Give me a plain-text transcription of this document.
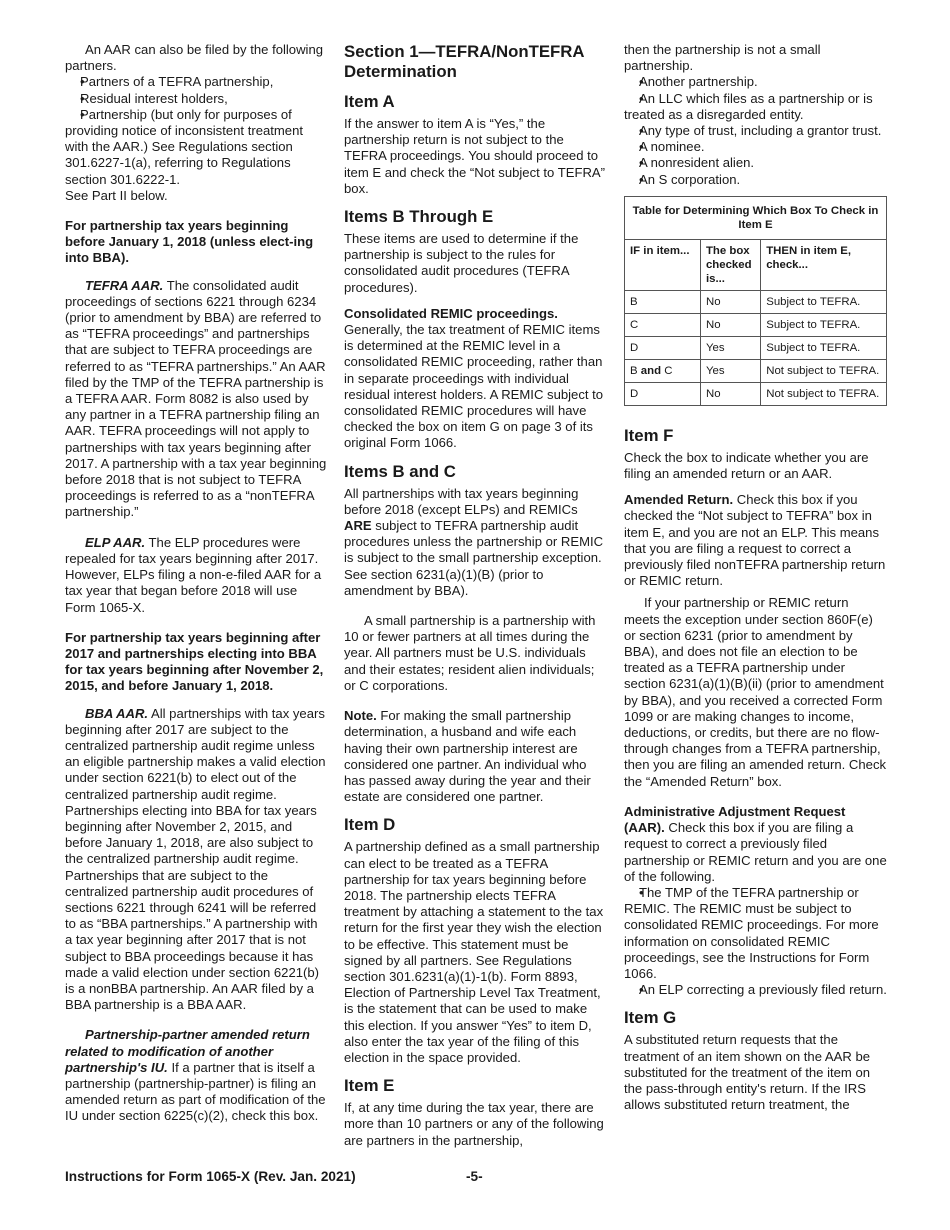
An AAR can also be filed by the following partners.

• Partners of a TEFRA partnership,
• Residual interest holders,
• Partnership (but only for purposes of providing notice of inconsistent treatment with the AAR.) See Regulations section 301.6227-1(a), referring to Regulations section 301.6222-1.

See Part II below.

For partnership tax years beginning before January 1, 2018 (unless elect-ing into BBA).

TEFRA AAR. The consolidated audit proceedings of sections 6221 through 6234 (prior to amendment by BBA) are referred to as “TEFRA proceedings” and partnerships that are subject to TEFRA proceedings are referred to as “TEFRA partnerships.” An AAR filed by the TMP of the TEFRA partnership is a TEFRA AAR. Form 8082 is also used by any partner in a TEFRA partnership filing an AAR. TEFRA proceedings will not apply to partnerships with tax years beginning after 2017. A partnership with a tax year beginning before 2018 that is not subject to TEFRA proceedings is referred to as a “nonTEFRA partnership.”

ELP AAR. The ELP procedures were repealed for tax years beginning after 2017. However, ELPs filing a non-e-filed AAR for a tax year that began before 2018 will use Form 1065-X.

For partnership tax years beginning after 2017 and partnerships electing into BBA for tax years beginning after November 2, 2015, and before January 1, 2018.

BBA AAR. All partnerships with tax years beginning after 2017 are subject to the centralized partnership audit regime unless an eligible partnership makes a valid election under section 6221(b) to elect out of the centralized partnership audit regime. Partnerships electing into BBA for tax years beginning after November 2, 2015, and before January 1, 2018, are also subject to the centralized partnership audit regime. Partnerships that are subject to the centralized partnership audit procedures of sections 6221 through 6241 will be referred to as “BBA partnerships.” A partnership with a tax year beginning after 2017 that is not subject to BBA proceedings because it has made a valid election under section 6221(b) is a nonBBA partnership. An AAR filed by a BBA partnership is a BBA AAR.

Partnership-partner amended return related to modification of another partnership's IU. If a partner that is itself a partnership (partnership-partner) is filing an amended return as part of modification of the IU under section 6225(c)(2), check this box.

Section 1—TEFRA/NonTEFRA Determination
Item A

If the answer to item A is “Yes,” the partnership return is not subject to the TEFRA proceedings. You should proceed to item E and check the “Not subject to TEFRA” box.

Items B Through E

These items are used to determine if the partnership is subject to the rules for consolidated audit procedures (TEFRA procedures).

Consolidated REMIC proceedings. Generally, the tax treatment of REMIC items is determined at the REMIC level in a consolidated REMIC proceeding, rather than in separate proceedings with individual residual interest holders. A REMIC subject to consolidated REMIC procedures will have checked the box on item G on page 3 of its original Form 1066.

Items B and C

All partnerships with tax years beginning before 2018 (except ELPs) and REMICs ARE subject to TEFRA partnership audit procedures unless the partnership or REMIC is subject to the small partnership exception. See section 6231(a)(1)(B) (prior to amendment by BBA).

A small partnership is a partnership with 10 or fewer partners at all times during the year. All partners must be U.S. individuals and their estates; resident alien individuals; or C corporations.

Note. For making the small partnership determination, a husband and wife each having their own partnership interest are considered one partner. An individual who has passed away during the year and their estate are considered one partner.

Item D

A partnership defined as a small partnership can elect to be treated as a TEFRA partnership for tax years beginning before 2018. The partnership elects TEFRA treatment by attaching a statement to the tax return for the first year they wish the election to be effective. This statement must be signed by all partners. See Regulations section 301.6231(a)(1)-1(b). Form 8893, Election of Partnership Level Tax Treatment, is the statement that can be used to make this election. If you answer “Yes” to item D, also enter the tax year of the filing of this election in the space provided.

Item E

If, at any time during the tax year, there are more than 10 partners or any of the following are partners in the partnership,

then the partnership is not a small partnership.

• Another partnership.
• An LLC which files as a partnership or is treated as a disregarded entity.
• Any type of trust, including a grantor trust.
• A nominee.
• A nonresident alien.
• An S corporation.
Table for Determining Which Box To Check in Item E		
IF in item...	The box checked is...	THEN in item E, check...
B	No	Subject to TEFRA.
C	No	Subject to TEFRA.
D	Yes	Subject to TEFRA.
B and C	Yes	Not subject to TEFRA.
D	No	Not subject to TEFRA.
Item F

Check the box to indicate whether you are filing an amended return or an AAR.

Amended Return. Check this box if you checked the “Not subject to TEFRA” box in item E, and you are not an ELP. This means that you are filing a request to correct a previously filed nonTEFRA partnership return or REMIC return.

If your partnership or REMIC return meets the exception under section 860F(e) or section 6231 (prior to amendment by BBA), and does not file an election to be treated as a TEFRA partnership under section 6231(a)(1)(B)(ii) (prior to amendment by BBA), and you received a corrected Form 1099 or are making changes to income, deductions, or credits, but there are no flow-through changes from a TEFRA partnership, then you are filing an amended return. Check the “Amended Return” box.

Administrative Adjustment Request (AAR). Check this box if you are filing a request to correct a previously filed partnership or REMIC return and you are one of the following.

• The TMP of the TEFRA partnership or REMIC. The REMIC must be subject to consolidated REMIC proceedings. For more information on consolidated REMIC proceedings, see the Instructions for Form 1066.
• An ELP correcting a previously filed return.
Item G

A substituted return requests that the treatment of an item shown on the AAR be substituted for the treatment of the item on the pass-through entity's return. If the IRS allows substituted return treatment, the

Instructions for Form 1065-X (Rev. Jan. 2021)	-5-
